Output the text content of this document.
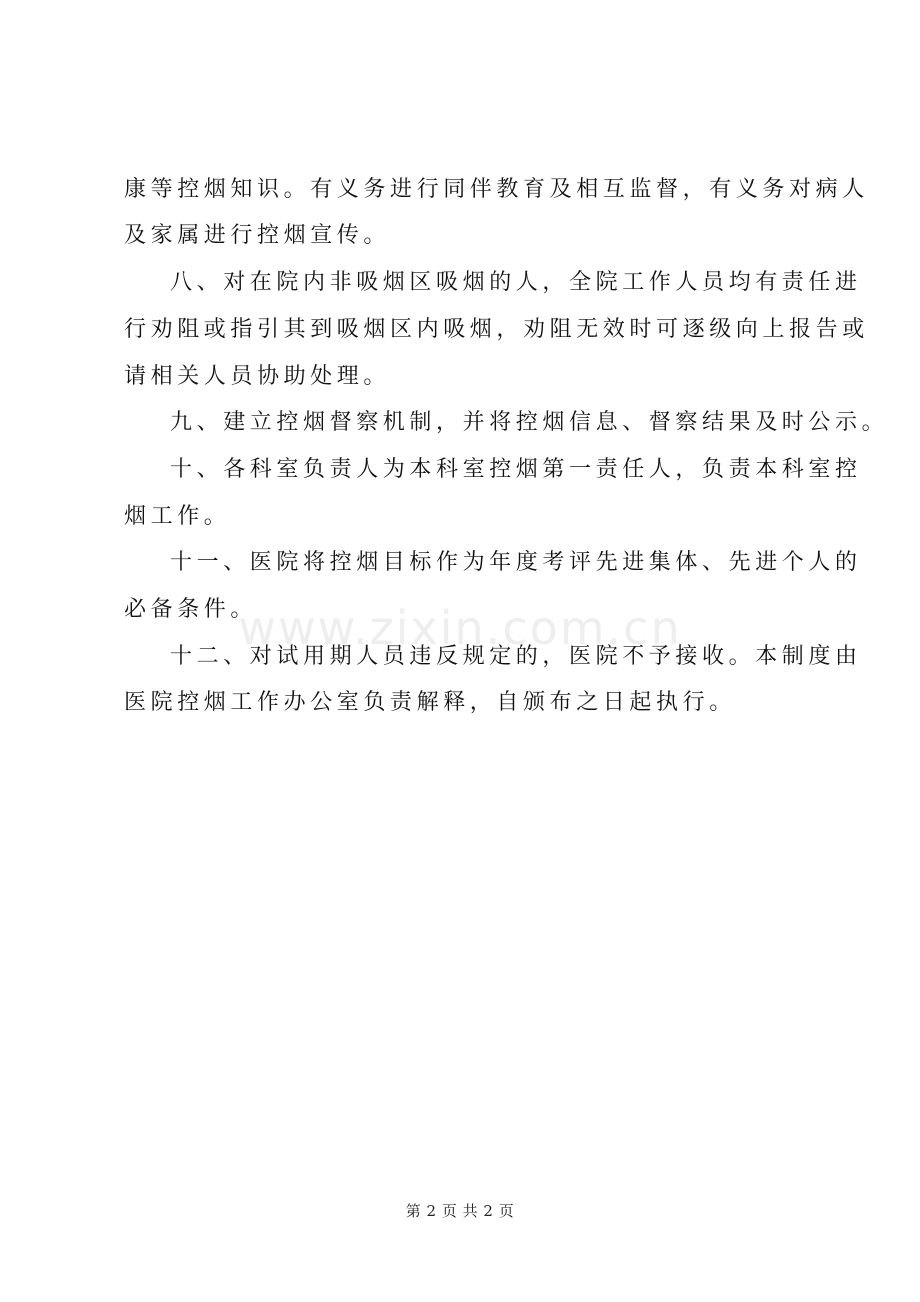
www.zixin.com.cn
康等控烟知识。有义务进行同伴教育及相互监督，有义务对病人
及家属进行控烟宣传。
八、对在院内非吸烟区吸烟的人，全院工作人员均有责任进
行劝阻或指引其到吸烟区内吸烟，劝阻无效时可逐级向上报告或
请相关人员协助处理。
九、建立控烟督察机制，并将控烟信息、督察结果及时公示。
十、各科室负责人为本科室控烟第一责任人，负责本科室控
烟工作。
十一、医院将控烟目标作为年度考评先进集体、先进个人的
必备条件。
十二、对试用期人员违反规定的，医院不予接收。本制度由
医院控烟工作办公室负责解释，自颁布之日起执行。
第 2 页 共 2 页
